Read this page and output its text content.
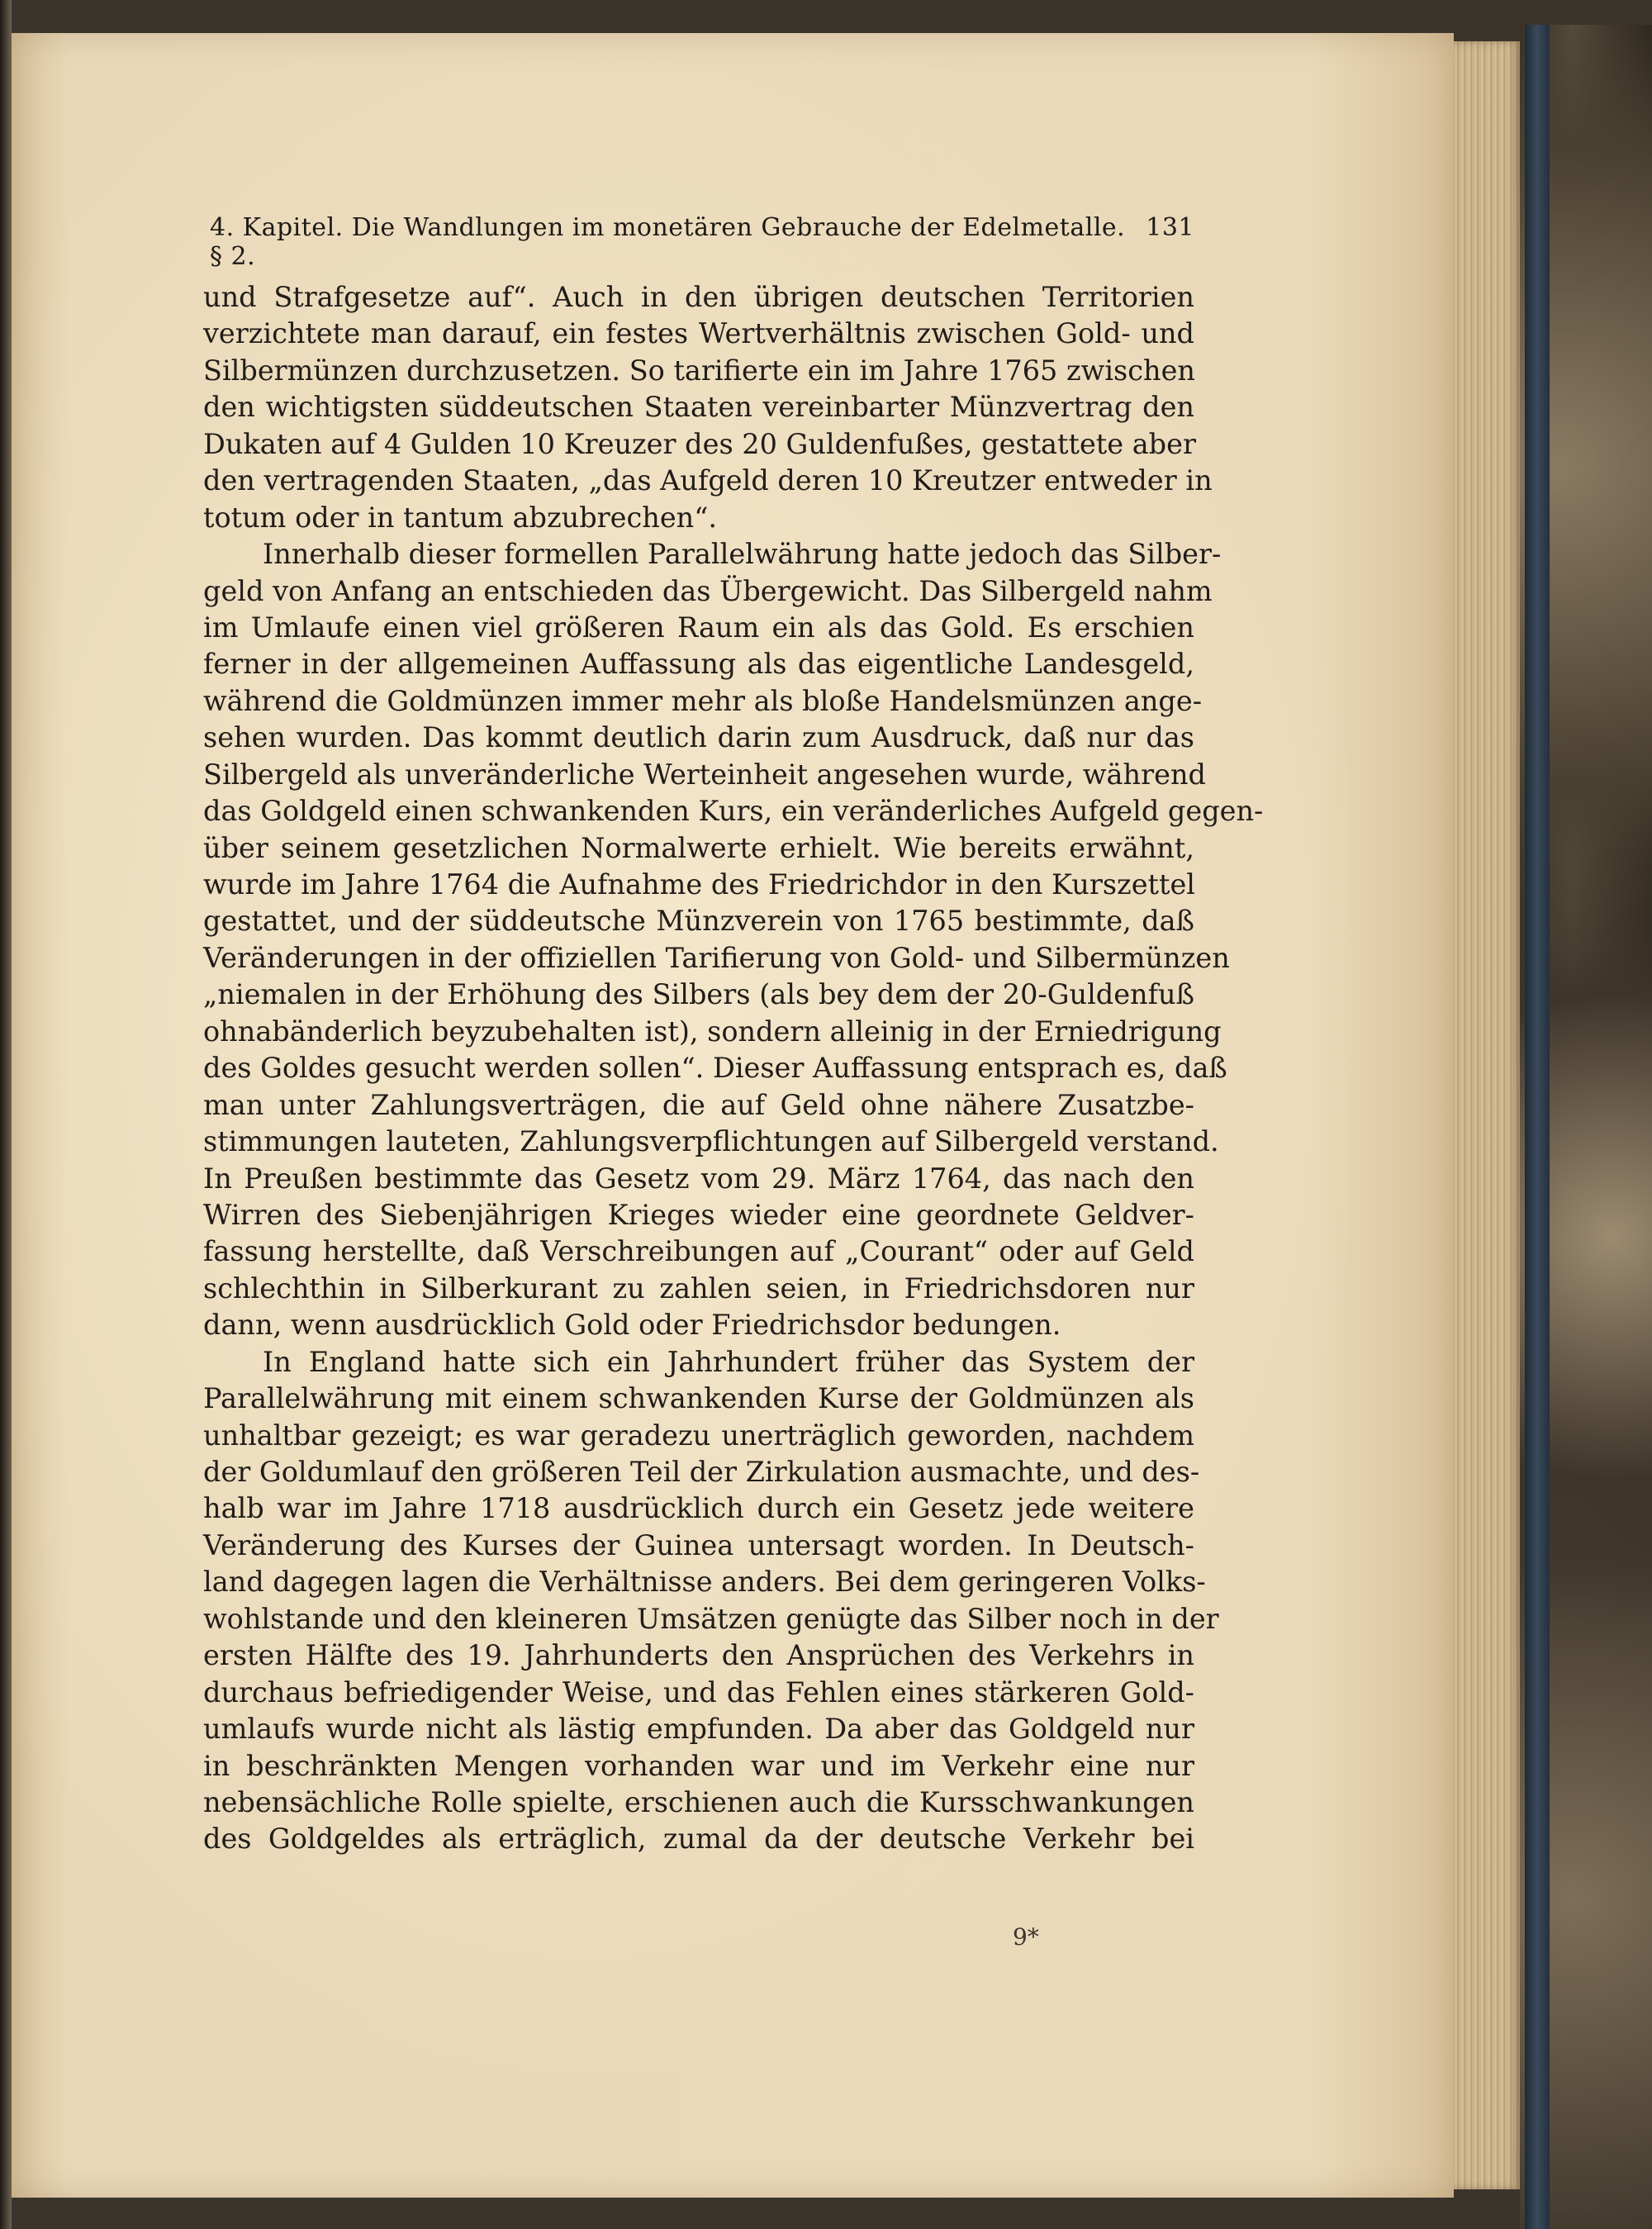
4. Kapitel. Die Wandlungen im monetären Gebrauche der Edelmetalle. § 2.
131
und Strafgesetze auf“. Auch in den übrigen deutschen Territorien
verzichtete man darauf, ein festes Wertverhältnis zwischen Gold- und
Silbermünzen durchzusetzen. So tarifierte ein im Jahre 1765 zwischen
den wichtigsten süddeutschen Staaten vereinbarter Münzvertrag den
Dukaten auf 4 Gulden 10 Kreuzer des 20 Guldenfußes, gestattete aber
den vertragenden Staaten, „das Aufgeld deren 10 Kreutzer entweder in
totum oder in tantum abzubrechen“.
Innerhalb dieser formellen Parallelwährung hatte jedoch das Silber-
geld von Anfang an entschieden das Übergewicht. Das Silbergeld nahm
im Umlaufe einen viel größeren Raum ein als das Gold. Es erschien
ferner in der allgemeinen Auffassung als das eigentliche Landesgeld,
während die Goldmünzen immer mehr als bloße Handelsmünzen ange-
sehen wurden. Das kommt deutlich darin zum Ausdruck, daß nur das
Silbergeld als unveränderliche Werteinheit angesehen wurde, während
das Goldgeld einen schwankenden Kurs, ein veränderliches Aufgeld gegen-
über seinem gesetzlichen Normalwerte erhielt. Wie bereits erwähnt,
wurde im Jahre 1764 die Aufnahme des Friedrichdor in den Kurszettel
gestattet, und der süddeutsche Münzverein von 1765 bestimmte, daß
Veränderungen in der offiziellen Tarifierung von Gold- und Silbermünzen
„niemalen in der Erhöhung des Silbers (als bey dem der 20-Guldenfuß
ohnabänderlich beyzubehalten ist), sondern alleinig in der Erniedrigung
des Goldes gesucht werden sollen“. Dieser Auffassung entsprach es, daß
man unter Zahlungsverträgen, die auf Geld ohne nähere Zusatzbe-
stimmungen lauteten, Zahlungsverpflichtungen auf Silbergeld verstand.
In Preußen bestimmte das Gesetz vom 29. März 1764, das nach den
Wirren des Siebenjährigen Krieges wieder eine geordnete Geldver-
fassung herstellte, daß Verschreibungen auf „Courant“ oder auf Geld
schlechthin in Silberkurant zu zahlen seien, in Friedrichsdoren nur
dann, wenn ausdrücklich Gold oder Friedrichsdor bedungen.
In England hatte sich ein Jahrhundert früher das System der
Parallelwährung mit einem schwankenden Kurse der Goldmünzen als
unhaltbar gezeigt; es war geradezu unerträglich geworden, nachdem
der Goldumlauf den größeren Teil der Zirkulation ausmachte, und des-
halb war im Jahre 1718 ausdrücklich durch ein Gesetz jede weitere
Veränderung des Kurses der Guinea untersagt worden. In Deutsch-
land dagegen lagen die Verhältnisse anders. Bei dem geringeren Volks-
wohlstande und den kleineren Umsätzen genügte das Silber noch in der
ersten Hälfte des 19. Jahrhunderts den Ansprüchen des Verkehrs in
durchaus befriedigender Weise, und das Fehlen eines stärkeren Gold-
umlaufs wurde nicht als lästig empfunden. Da aber das Goldgeld nur
in beschränkten Mengen vorhanden war und im Verkehr eine nur
nebensächliche Rolle spielte, erschienen auch die Kursschwankungen
des Goldgeldes als erträglich, zumal da der deutsche Verkehr bei
9*
